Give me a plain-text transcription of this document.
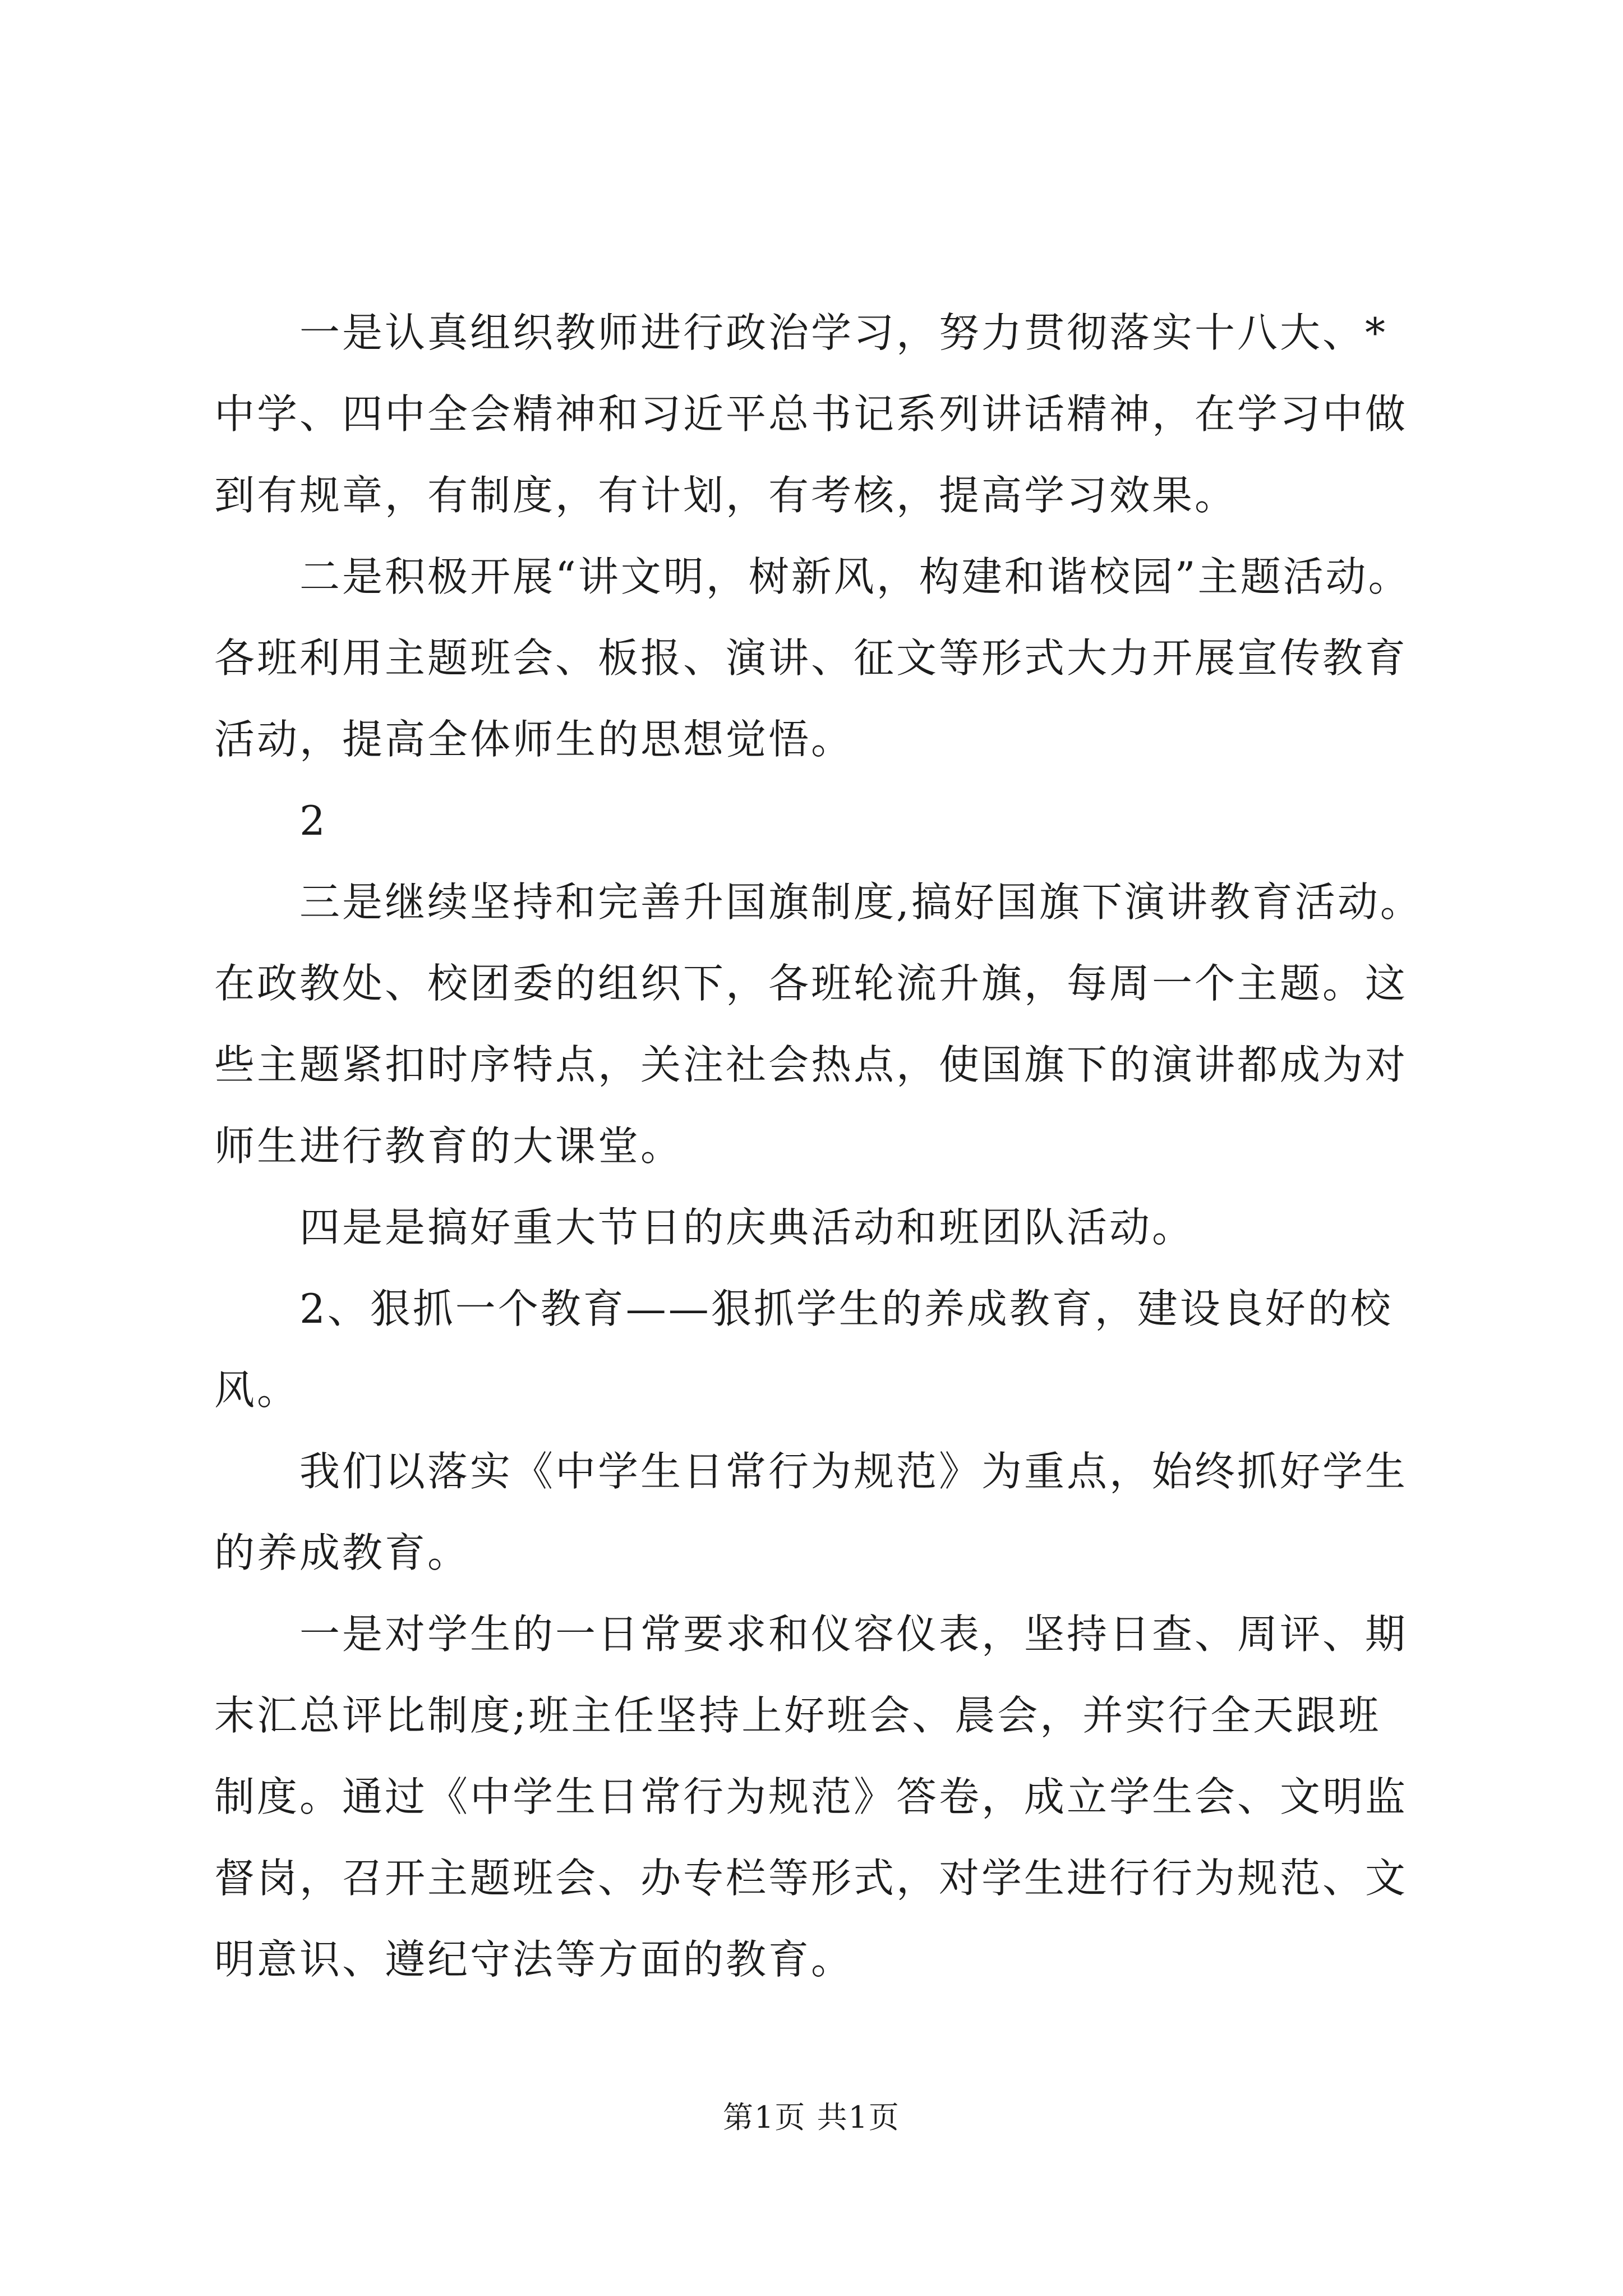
一是认真组织教师进行政治学习，努力贯彻落实十八大、*
中学、四中全会精神和习近平总书记系列讲话精神，在学习中做
到有规章，有制度，有计划，有考核，提高学习效果。
二是积极开展“讲文明，树新风，构建和谐校园”主题活动。
各班利用主题班会、板报、演讲、征文等形式大力开展宣传教育
活动，提高全体师生的思想觉悟。
2
三是继续坚持和完善升国旗制度,搞好国旗下演讲教育活动。
在政教处、校团委的组织下，各班轮流升旗，每周一个主题。这
些主题紧扣时序特点，关注社会热点，使国旗下的演讲都成为对
师生进行教育的大课堂。
四是是搞好重大节日的庆典活动和班团队活动。
2、狠抓一个教育——狠抓学生的养成教育，建设良好的校
风。
我们以落实《中学生日常行为规范》为重点，始终抓好学生
的养成教育。
一是对学生的一日常要求和仪容仪表，坚持日查、周评、期
末汇总评比制度;班主任坚持上好班会、晨会，并实行全天跟班
制度。通过《中学生日常行为规范》答卷，成立学生会、文明监
督岗，召开主题班会、办专栏等形式，对学生进行行为规范、文
明意识、遵纪守法等方面的教育。
第1页 共1页
